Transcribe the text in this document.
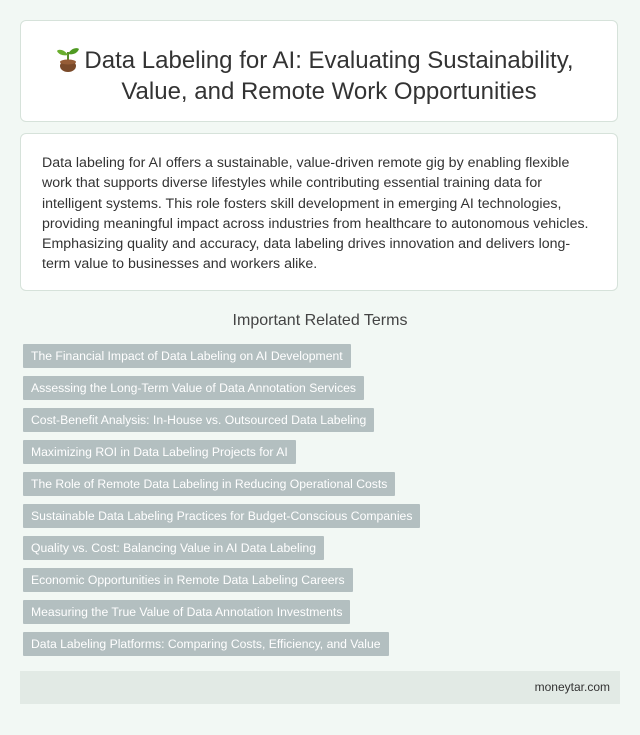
Data Labeling for AI: Evaluating Sustainability, Value, and Remote Work Opportunities

Data labeling for AI offers a sustainable, value-driven remote gig by enabling flexible work that supports diverse lifestyles while contributing essential training data for intelligent systems. This role fosters skill development in emerging AI technologies, providing meaningful impact across industries from healthcare to autonomous vehicles. Emphasizing quality and accuracy, data labeling drives innovation and delivers long-term value to businesses and workers alike.

Important Related Terms
The Financial Impact of Data Labeling on AI Development
Assessing the Long-Term Value of Data Annotation Services
Cost-Benefit Analysis: In-House vs. Outsourced Data Labeling
Maximizing ROI in Data Labeling Projects for AI
The Role of Remote Data Labeling in Reducing Operational Costs
Sustainable Data Labeling Practices for Budget-Conscious Companies
Quality vs. Cost: Balancing Value in AI Data Labeling
Economic Opportunities in Remote Data Labeling Careers
Measuring the True Value of Data Annotation Investments
Data Labeling Platforms: Comparing Costs, Efficiency, and Value
moneytar.com
